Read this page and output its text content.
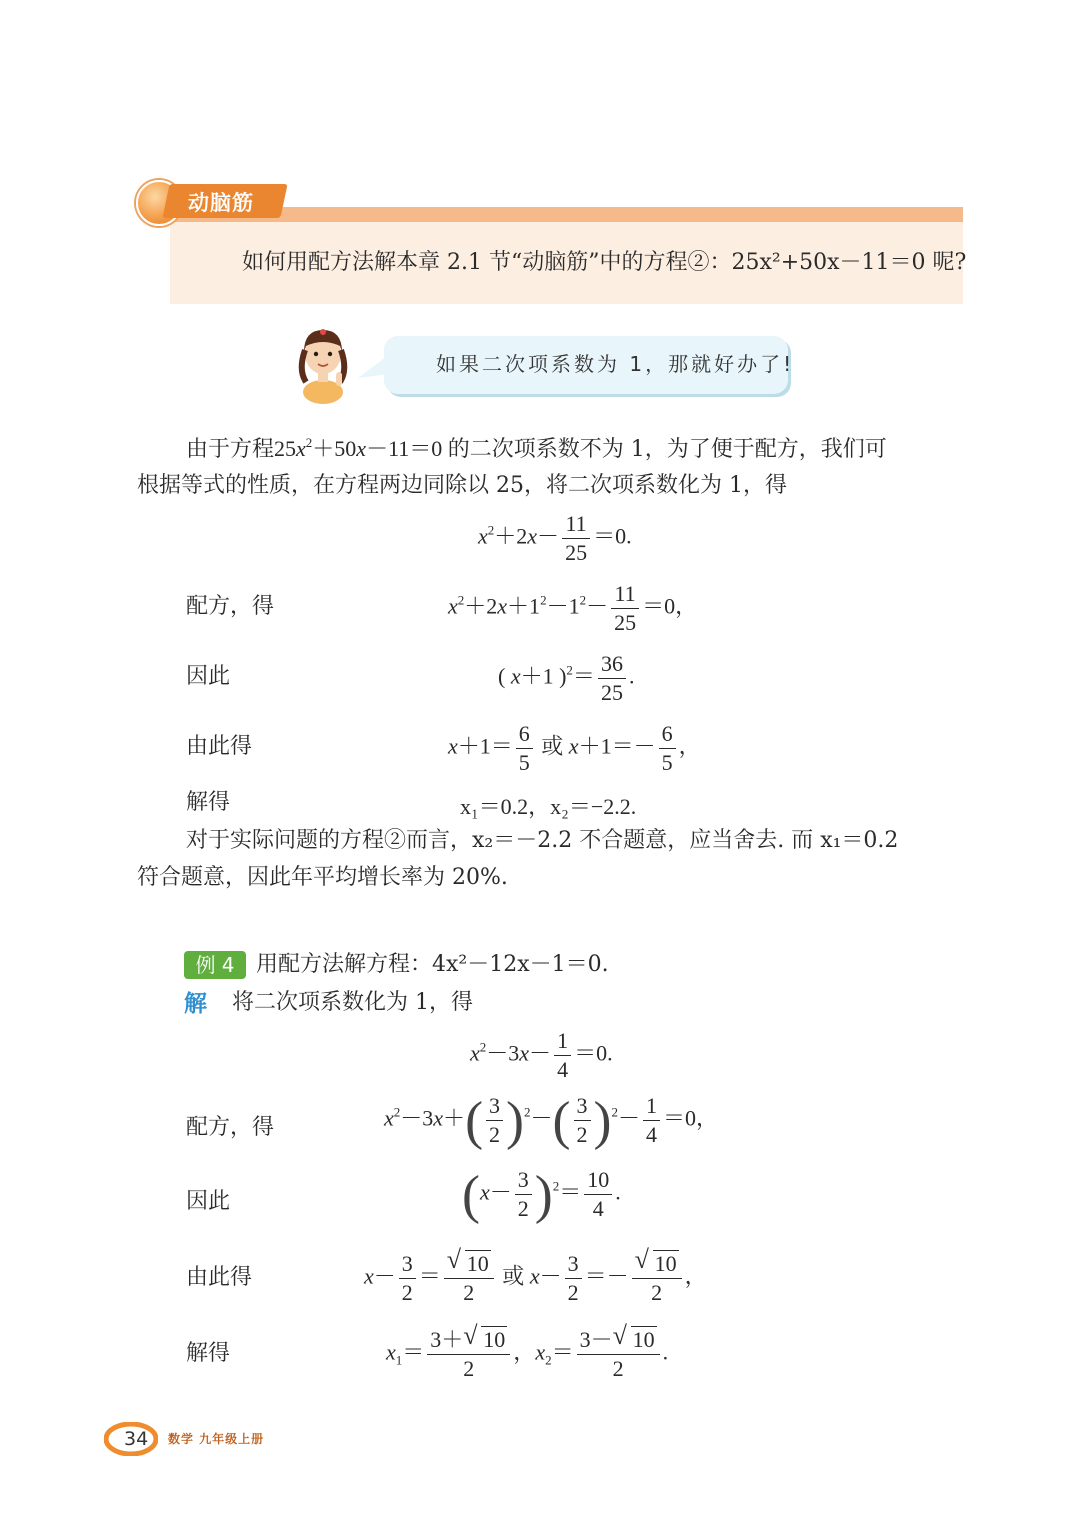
动脑筋
如何用配方法解本章 2.1 节“动脑筋”中的方程②：25x²+50x－11＝0 呢?
如果二次项系数为 1，那就好办了!
由于方程$25x^2+50x-11=0$ 的二次项系数不为 1，为了便于配方，我们可
根据等式的性质，在方程两边同除以 25，将二次项系数化为 1，得
$x^2+2x- \frac{11}{25} =0$.
配方，得	$x^2+2x+1^2-1^2- \frac{11}{25} =0$，
因此	( x＋1 )$^2= \frac{36}{25}$ .
由此得	$x+1= \frac{6}{5}$ 或 $x+1=- \frac{6}{5}$ ，
解得	x₁＝0.2，x₂＝−2.2.
对于实际问题的方程②而言，x₂＝－2.2 不合题意，应当舍去. 而 x₁＝0.2
符合题意，因此年平均增长率为 20%.
例 4 用配方法解方程：4x²－12x－1＝0.
解 将二次项系数化为 1，得
$x^2-3x- \frac{1}{4} =0$.
配方，得	$x^2-3x+( \frac{3}{2} )^2-( \frac{3}{2} )^2- \frac{1}{4} =0$，
因此	$(x- \frac{3}{2} )^2= \frac{10}{4}$ .
由此得	$x- \frac{3}{2} = \frac{√ 10}{2}$ 或 $x- \frac{3}{2} =- \frac{√ 10}{2}$ ，
解得	$x_1= \frac{3+ √ 10}{2}$ ，$x_2= \frac{3- √ 10}{2}$ .
34 数学 九年级上册
